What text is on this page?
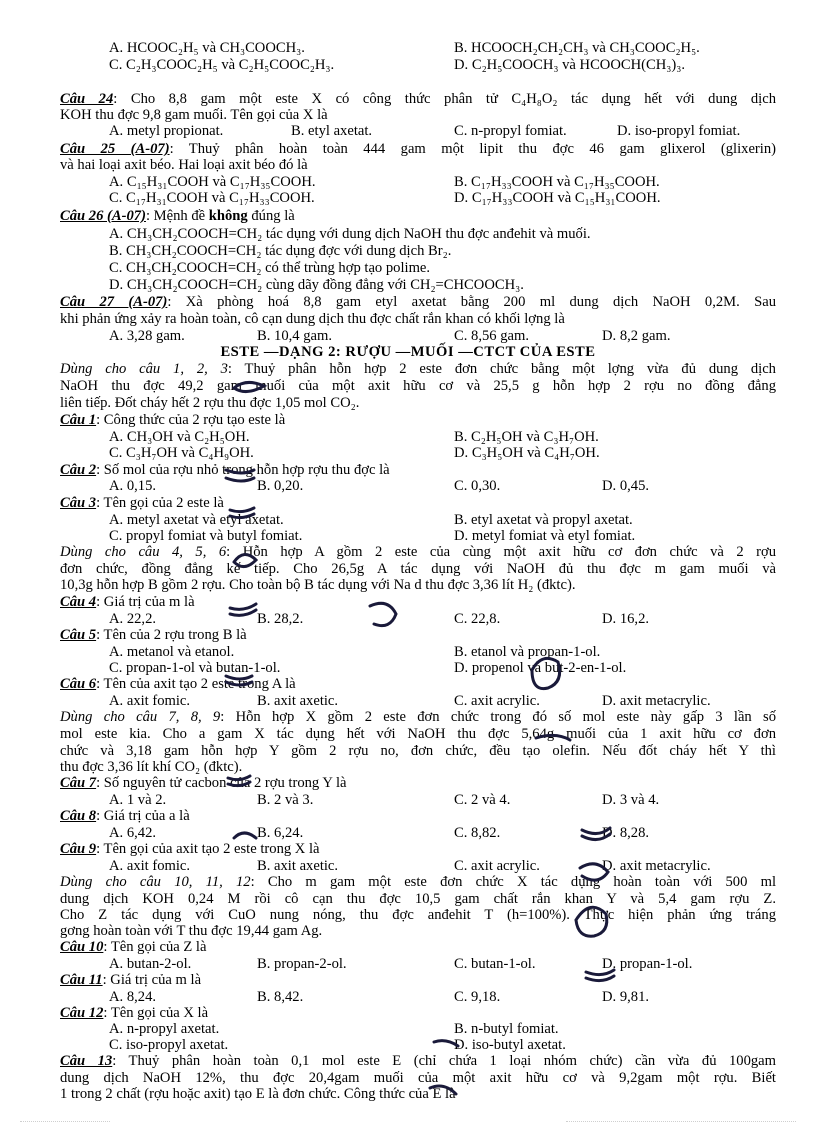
A. HCOOC₂H₅ và CH₃COOCH₃.	B. HCOOCH₂CH₂CH₃ và CH₃COOC₂H₅.
C. C₂H₃COOC₂H₅ và C₂H₅COOC₂H₃.	D. C₂H₅COOCH₃ và HCOOCH(CH₃)₃.
Câu 24: Cho 8,8 gam một este X có công thức phân tử C₄H₈O₂ tác dụng hết với dung dịch
KOH thu đợc 9,8 gam muối. Tên gọi của X là
A. metyl propionat.	B. etyl axetat.	C. n-propyl fomiat.	D. iso-propyl fomiat.
Câu 25 (A-07): Thuỷ phân hoàn toàn 444 gam một lipit thu đợc 46 gam glixerol (glixerin)
và hai loại axit béo. Hai loại axit béo đó là
A. C₁₅H₃₁COOH và C₁₇H₃₅COOH.	B. C₁₇H₃₃COOH và C₁₇H₃₅COOH.
C. C₁₇H₃₁COOH và C₁₇H₃₃COOH.	D. C₁₇H₃₃COOH và C₁₅H₃₁COOH.
Câu 26 (A-07): Mệnh đề không đúng là
A. CH₃CH₂COOCH=CH₂ tác dụng với dung dịch NaOH thu đợc anđehit và muối.
B. CH₃CH₂COOCH=CH₂ tác dụng đợc với dung dịch Br₂.
C. CH₃CH₂COOCH=CH₂ có thể trùng hợp tạo polime.
D. CH₃CH₂COOCH=CH₂ cùng dãy đồng đẳng với CH₂=CHCOOCH₃.
Câu 27 (A-07): Xà phòng hoá 8,8 gam etyl axetat bằng 200 ml dung dịch NaOH 0,2M. Sau
khi phản ứng xảy ra hoàn toàn, cô cạn dung dịch thu đợc chất rắn khan có khối lợng là
A. 3,28 gam.	B. 10,4 gam.	C. 8,56 gam.	D. 8,2 gam.
ESTE —DẠNG 2: RƯỢU —MUỐI —CTCT CỦA ESTE
Dùng cho câu 1, 2, 3: Thuỷ phân hỗn hợp 2 este đơn chức bằng một lợng vừa đủ dung dịch
NaOH thu đợc 49,2 gam muối của một axit hữu cơ và 25,5 g hỗn hợp 2 rợu no đồng đẳng
liên tiếp. Đốt cháy hết 2 rợu thu đợc 1,05 mol CO₂.
Câu 1: Công thức của 2 rợu tạo este là
A. CH₃OH và C₂H₅OH.	B. C₂H₅OH và C₃H₇OH.
C. C₃H₇OH và C₄H₉OH.	D. C₃H₅OH và C₄H₇OH.
Câu 2: Số mol của rợu nhỏ trong hỗn hợp rợu thu đợc là
A. 0,15.	B. 0,20.	C. 0,30.	D. 0,45.
Câu 3: Tên gọi của 2 este là
A. metyl axetat và etyl axetat.	B. etyl axetat và propyl axetat.
C. propyl fomiat và butyl fomiat.	D. metyl fomiat và etyl fomiat.
Dùng cho câu 4, 5, 6: Hỗn hợp A gồm 2 este của cùng một axit hữu cơ đơn chức và 2 rợu
đơn chức, đồng đẳng kế tiếp. Cho 26,5g A tác dụng với NaOH đủ thu đợc m gam muối và
10,3g hỗn hợp B gồm 2 rợu. Cho toàn bộ B tác dụng với Na d thu đợc 3,36 lít H₂ (đktc).
Câu 4: Giá trị của m là
A. 22,2.	B. 28,2.	C. 22,8.	D. 16,2.
Câu 5: Tên của 2 rợu trong B là
A. metanol và etanol.	B. etanol và propan-1-ol.
C. propan-1-ol và butan-1-ol.	D. propenol và but-2-en-1-ol.
Câu 6: Tên của axit tạo 2 este trong A là
A. axit fomic.	B. axit axetic.	C. axit acrylic.	D. axit metacrylic.
Dùng cho câu 7, 8, 9: Hỗn hợp X gồm 2 este đơn chức trong đó số mol este này gấp 3 lần số
mol este kia. Cho a gam X tác dụng hết với NaOH thu đợc 5,64g muối của 1 axit hữu cơ đơn
chức và 3,18 gam hỗn hợp Y gồm 2 rợu no, đơn chức, đều tạo olefin. Nếu đốt cháy hết Y thì
thu đợc 3,36 lít khí CO₂ (đktc).
Câu 7: Số nguyên tử cacbon của 2 rợu trong Y là
A. 1 và 2.	B. 2 và 3.	C. 2 và 4.	D. 3 và 4.
Câu 8: Giá trị của a là
A. 6,42.	B. 6,24.	C. 8,82.	D. 8,28.
Câu 9: Tên gọi của axit tạo 2 este trong X là
A. axit fomic.	B. axit axetic.	C. axit acrylic.	D. axit metacrylic.
Dùng cho câu 10, 11, 12: Cho m gam một este đơn chức X tác dụng hoàn toàn với 500 ml
dung dịch KOH 0,24 M rồi cô cạn thu đợc 10,5 gam chất rắn khan Y và 5,4 gam rợu Z.
Cho Z tác dụng với CuO nung nóng, thu đợc anđehit T (h=100%). Thực hiện phản ứng tráng
gơng hoàn toàn với T thu đợc 19,44 gam Ag.
Câu 10: Tên gọi của Z là
A. butan-2-ol.	B. propan-2-ol.	C. butan-1-ol.	D. propan-1-ol.
Câu 11: Giá trị của m là
A. 8,24.	B. 8,42.	C. 9,18.	D. 9,81.
Câu 12: Tên gọi của X là
A. n-propyl axetat.	B. n-butyl fomiat.
C. iso-propyl axetat.	D. iso-butyl axetat.
Câu 13: Thuỷ phân hoàn toàn 0,1 mol este E (chỉ chứa 1 loại nhóm chức) cần vừa đủ 100gam
dung dịch NaOH 12%, thu đợc 20,4gam muối của một axit hữu cơ và 9,2gam một rợu. Biết
1 trong 2 chất (rợu hoặc axit) tạo E là đơn chức. Công thức của E là
